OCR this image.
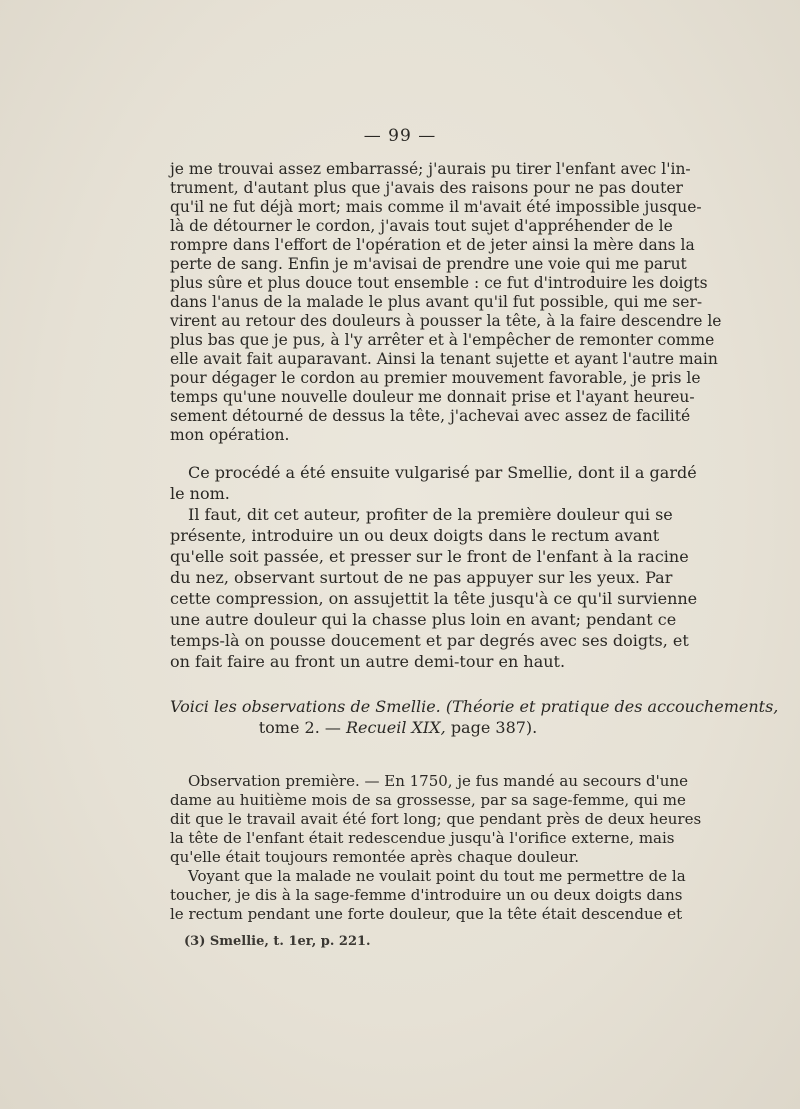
— 99 —
je me trouvai assez embarrassé; j'aurais pu tirer l'enfant avec l'in-
trument, d'autant plus que j'avais des raisons pour ne pas douter
qu'il ne fut déjà mort; mais comme il m'avait été impossible jusque-
là de détourner le cordon, j'avais tout sujet d'appréhender de le
rompre dans l'effort de l'opération et de jeter ainsi la mère dans la
perte de sang. Enfin je m'avisai de prendre une voie qui me parut
plus sûre et plus douce tout ensemble : ce fut d'introduire les doigts
dans l'anus de la malade le plus avant qu'il fut possible, qui me ser-
virent au retour des douleurs à pousser la tête, à la faire descendre le
plus bas que je pus, à l'y arrêter et à l'empêcher de remonter comme
elle avait fait auparavant. Ainsi la tenant sujette et ayant l'autre main
pour dégager le cordon au premier mouvement favorable, je pris le
temps qu'une nouvelle douleur me donnait prise et l'ayant heureu-
sement détourné de dessus la tête, j'achevai avec assez de facilité
mon opération.
Ce procédé a été ensuite vulgarisé par Smellie, dont il a gardé
le nom.
Il faut, dit cet auteur, profiter de la première douleur qui se
présente, introduire un ou deux doigts dans le rectum avant
qu'elle soit passée, et presser sur le front de l'enfant à la racine
du nez, observant surtout de ne pas appuyer sur les yeux. Par
cette compression, on assujettit la tête jusqu'à ce qu'il survienne
une autre douleur qui la chasse plus loin en avant; pendant ce
temps-là on pousse doucement et par degrés avec ses doigts, et
on fait faire au front un autre demi-tour en haut.
Voici les observations de Smellie. (Théorie et pratique des accouchements,
tome 2. — Recueil XIX, page 387).
Observation première. — En 1750, je fus mandé au secours d'une
dame au huitième mois de sa grossesse, par sa sage-femme, qui me
dit que le travail avait été fort long; que pendant près de deux heures
la tête de l'enfant était redescendue jusqu'à l'orifice externe, mais
qu'elle était toujours remontée après chaque douleur.
Voyant que la malade ne voulait point du tout me permettre de la
toucher, je dis à la sage-femme d'introduire un ou deux doigts dans
le rectum pendant une forte douleur, que la tête était descendue et
(3) Smellie, t. 1er, p. 221.
